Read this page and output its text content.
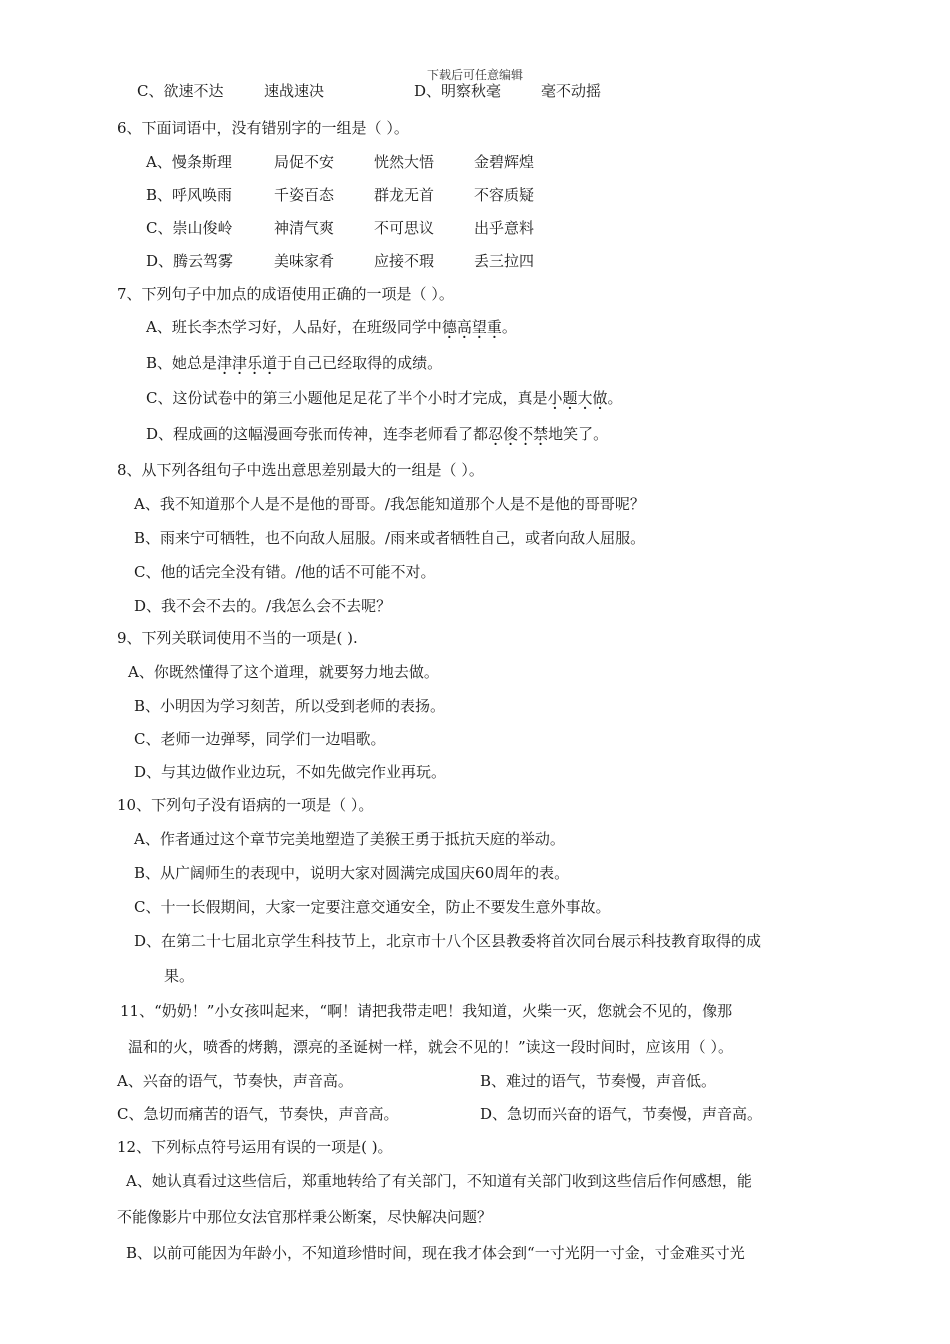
下载后可任意编辑
C、欲速不达	速战速决	D、明察秋毫	毫不动摇
6、下面词语中，没有错别字的一组是（ ）。
A、慢条斯理	局促不安	恍然大悟	金碧辉煌
B、呼风唤雨	千姿百态	群龙无首	不容质疑
C、崇山俊岭	神清气爽	不可思议	出乎意料
D、腾云驾雾	美味家肴	应接不瑕	丢三拉四
7、下列句子中加点的成语使用正确的一项是（ ）。
A、班长李杰学习好，人品好，在班级同学中德高望重。
B、她总是津津乐道于自己已经取得的成绩。
C、这份试卷中的第三小题他足足花了半个小时才完成，真是小题大做。
D、程成画的这幅漫画夸张而传神，连李老师看了都忍俊不禁地笑了。
8、从下列各组句子中选出意思差别最大的一组是（ ）。
A、我不知道那个人是不是他的哥哥。/我怎能知道那个人是不是他的哥哥呢？
B、雨来宁可牺牲，也不向敌人屈服。/雨来或者牺牲自己，或者向敌人屈服。
C、他的话完全没有错。/他的话不可能不对。
D、我不会不去的。/我怎么会不去呢？
9、下列关联词使用不当的一项是( ).
A、你既然懂得了这个道理，就要努力地去做。
B、小明因为学习刻苦，所以受到老师的表扬。
C、老师一边弹琴，同学们一边唱歌。
D、与其边做作业边玩，不如先做完作业再玩。
10、下列句子没有语病的一项是（ ）。
A、作者通过这个章节完美地塑造了美猴王勇于抵抗天庭的举动。
B、从广阔师生的表现中，说明大家对圆满完成国庆60周年的表。
C、十一长假期间，大家一定要注意交通安全，防止不要发生意外事故。
D、在第二十七届北京学生科技节上，北京市十八个区县教委将首次同台展示科技教育取得的成
果。
11、“奶奶！”小女孩叫起来，“啊！请把我带走吧！我知道，火柴一灭，您就会不见的，像那
温和的火，喷香的烤鹅，漂亮的圣诞树一样，就会不见的！”读这一段时间时，应该用（ ）。
A、兴奋的语气，节奏快，声音高。	B、难过的语气，节奏慢，声音低。
C、急切而痛苦的语气，节奏快，声音高。	D、急切而兴奋的语气，节奏慢，声音高。
12、下列标点符号运用有误的一项是( )。
A、她认真看过这些信后，郑重地转给了有关部门，不知道有关部门收到这些信后作何感想，能
不能像影片中那位女法官那样秉公断案，尽快解决问题？
B、以前可能因为年龄小，不知道珍惜时间，现在我才体会到“一寸光阴一寸金，寸金难买寸光
